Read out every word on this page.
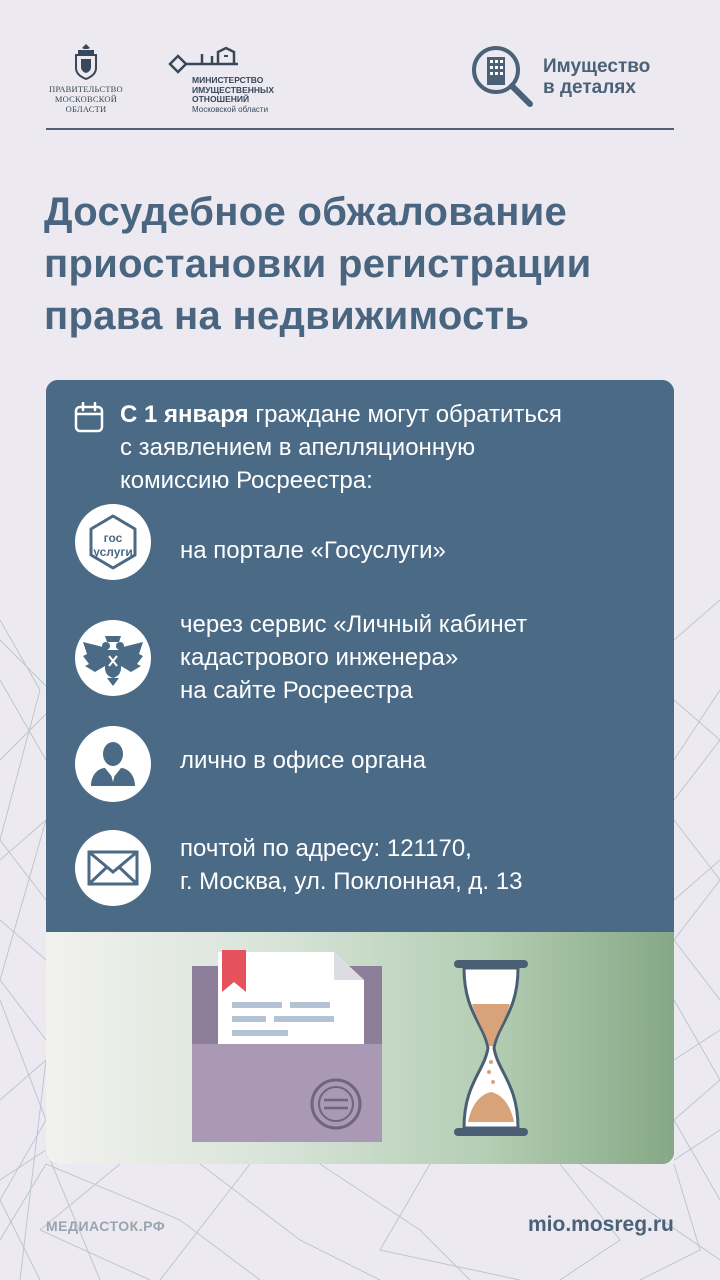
ПРАВИТЕЛЬСТВО
МОСКОВСКОЙ
ОБЛАСТИ
МИНИСТЕРСТВО
ИМУЩЕСТВЕННЫХ
ОТНОШЕНИЙ
Московской области
Имущество
в деталях
Досудебное обжалование
приостановки регистрации
права на недвижимость
С 1 января граждане могут обратиться
с заявлением в апелляционную
комиссию Росреестра:
гос
услуги на портале «Госуслуги»
через сервис «Личный кабинет
кадастрового инженера»
на сайте Росреестра
лично в офисе органа
почтой по адресу: 121170,
г. Москва, ул. Поклонная, д. 13
МЕДИАСТОК.РФ	mio.mosreg.ru
